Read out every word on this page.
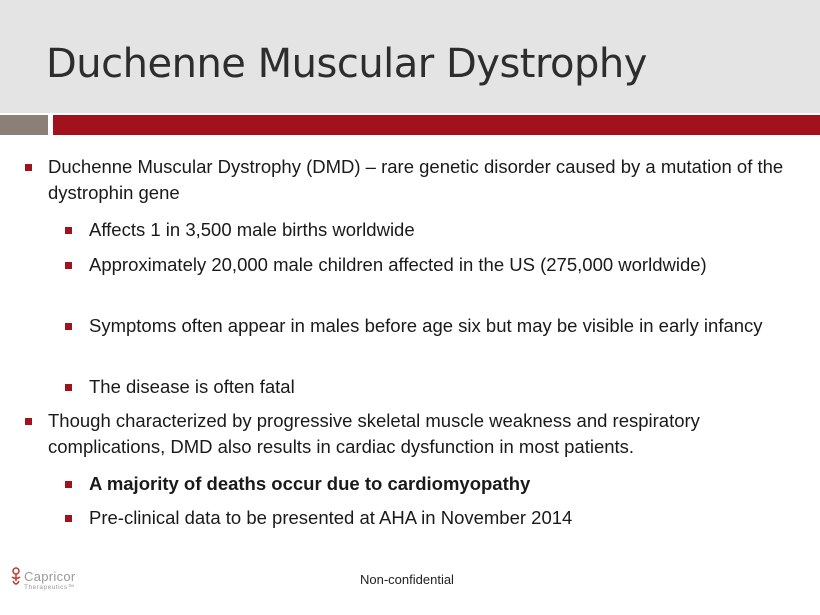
Duchenne Muscular Dystrophy
Duchenne Muscular Dystrophy (DMD) – rare genetic disorder caused by a mutation of the dystrophin gene
Affects 1 in 3,500 male births worldwide
Approximately 20,000 male children affected in the US (275,000 worldwide)
Symptoms often appear in males before age six but may be visible in early infancy
The disease is often fatal
Though characterized by progressive skeletal muscle weakness and respiratory complications, DMD also results in cardiac dysfunction in most patients.
A majority of deaths occur due to cardiomyopathy
Pre-clinical data to be presented at AHA in November 2014
Capricor
Therapeutics™
Non-confidential
